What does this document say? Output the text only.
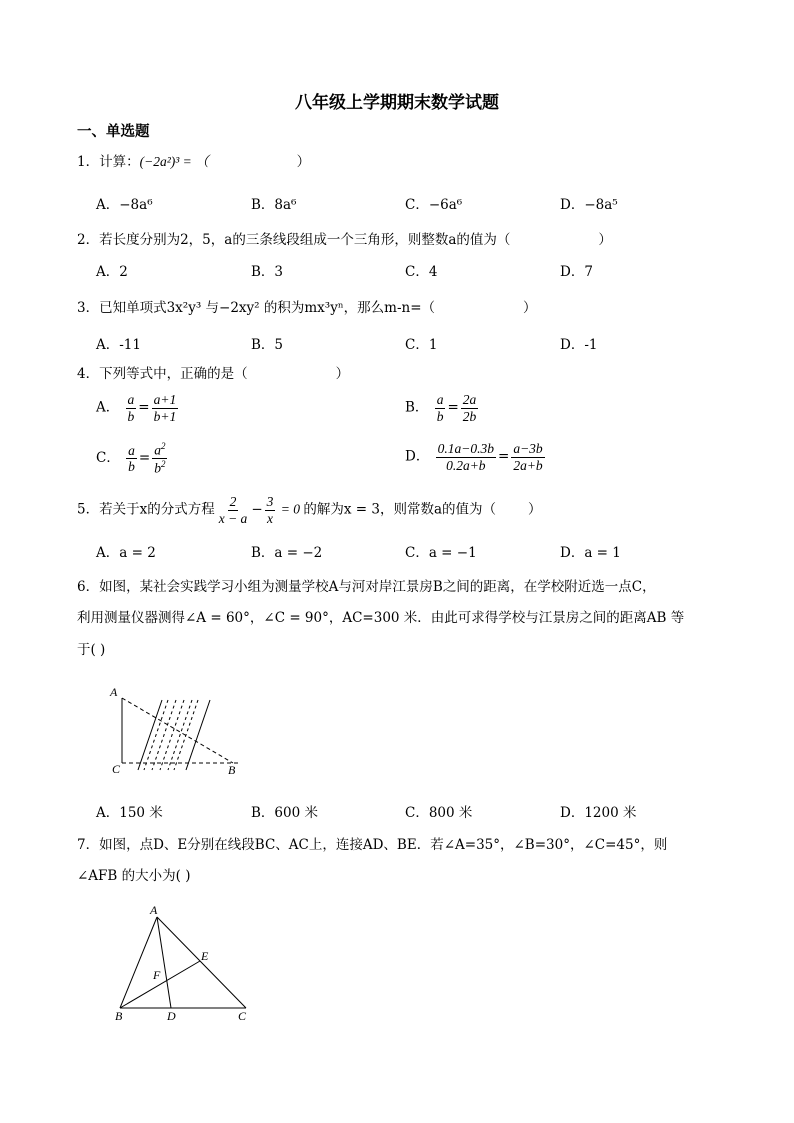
八年级上学期期末数学试题
一、单选题
1．计算：(−2a²)³ = （	）
A．−8a⁶	B．8a⁶	C．−6a⁶	D．−8a⁵
2．若长度分别为2，5，a的三条线段组成一个三角形，则整数a的值为（	）
A．2	B．3	C．4	D．7
3．已知单项式3x²y³ 与−2xy² 的积为mx³yⁿ，那么m-n=（	）
A．-11	B．5	C．1	D．-1
4．下列等式中，正确的是（	）
A． $\frac{a}{b} = \frac{a+1}{b+1}$	B． $\frac{a}{b} = \frac{2a}{2b}$
C． $\frac{a}{b} = \frac{a^2}{b^2}$	D． $\frac{0.1a-0.3b}{0.2a+b} = \frac{a-3b}{2a+b}$
5．若关于x的分式方程 $\frac{2}{x - a} - \frac{3}{x} = 0$ 的解为x = 3，则常数a的值为（ ）
A．a = 2	B．a = −2	C．a = −1	D．a = 1
6．如图，某社会实践学习小组为测量学校A与河对岸江景房B之间的距离，在学校附近选一点C，
利用测量仪器测得∠A = 60°，∠C = 90°，AC=300 米．由此可求得学校与江景房之间的距离AB 等
于( )
A
C	B
A．150 米	B．600 米	C．800 米	D．1200 米
7．如图，点D、E分别在线段BC、AC上，连接AD、BE．若∠A=35°，∠B=30°，∠C=45°，则
∠AFB 的大小为( )
A
E
F
B	D	C
